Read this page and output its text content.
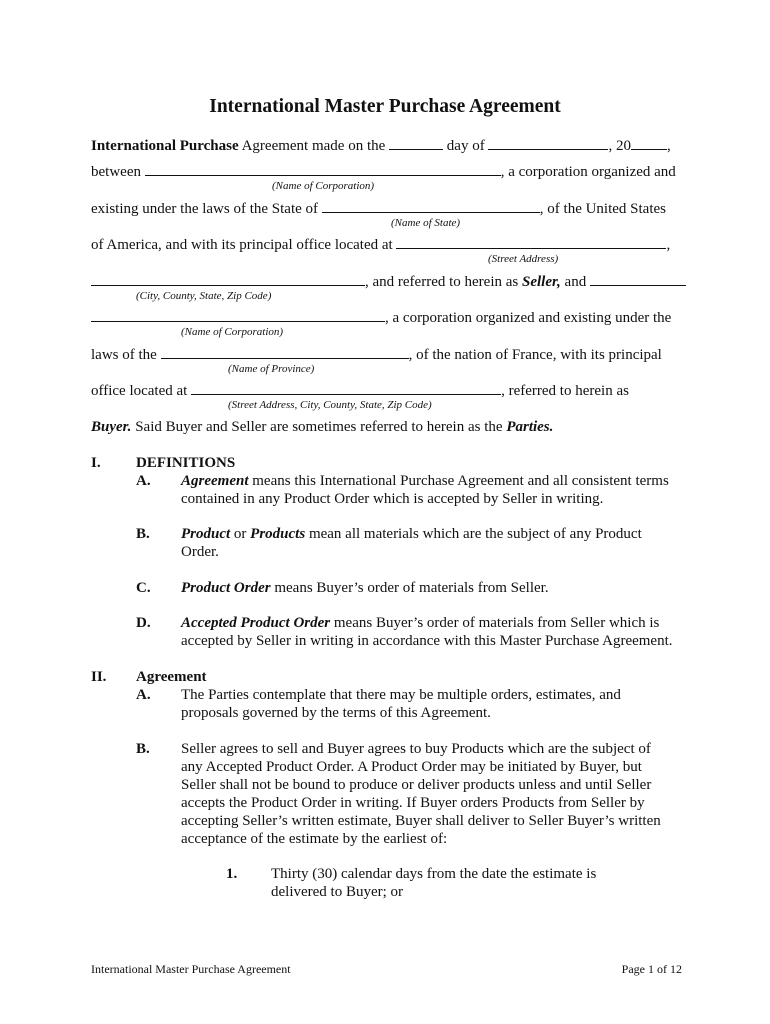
International Master Purchase Agreement
International Purchase Agreement made on the	day of	, 20 ,
between	, a corporation organized and
(Name of Corporation)
existing under the laws of the State of	, of the United States
(Name of State)
of America, and with its principal office located at	,
(Street Address)
, and referred to herein as Seller, and
(City, County, State, Zip Code)
, a corporation organized and existing under the
(Name of Corporation)
laws of the	, of the nation of France, with its principal
(Name of Province)
office located at	, referred to herein as
(Street Address, City, County, State, Zip Code)
Buyer. Said Buyer and Seller are sometimes referred to herein as the Parties.
I. DEFINITIONS
A. Agreement means this International Purchase Agreement and all consistent terms contained in any Product Order which is accepted by Seller in writing.
B. Product or Products mean all materials which are the subject of any Product Order.
C. Product Order means Buyer’s order of materials from Seller.
D. Accepted Product Order means Buyer’s order of materials from Seller which is accepted by Seller in writing in accordance with this Master Purchase Agreement.
II. Agreement
A. The Parties contemplate that there may be multiple orders, estimates, and proposals governed by the terms of this Agreement.
B. Seller agrees to sell and Buyer agrees to buy Products which are the subject of any Accepted Product Order. A Product Order may be initiated by Buyer, but Seller shall not be bound to produce or deliver products unless and until Seller accepts the Product Order in writing. If Buyer orders Products from Seller by accepting Seller’s written estimate, Buyer shall deliver to Seller Buyer’s written acceptance of the estimate by the earliest of:
1. Thirty (30) calendar days from the date the estimate is delivered to Buyer; or
International Master Purchase Agreement	Page 1 of 12
